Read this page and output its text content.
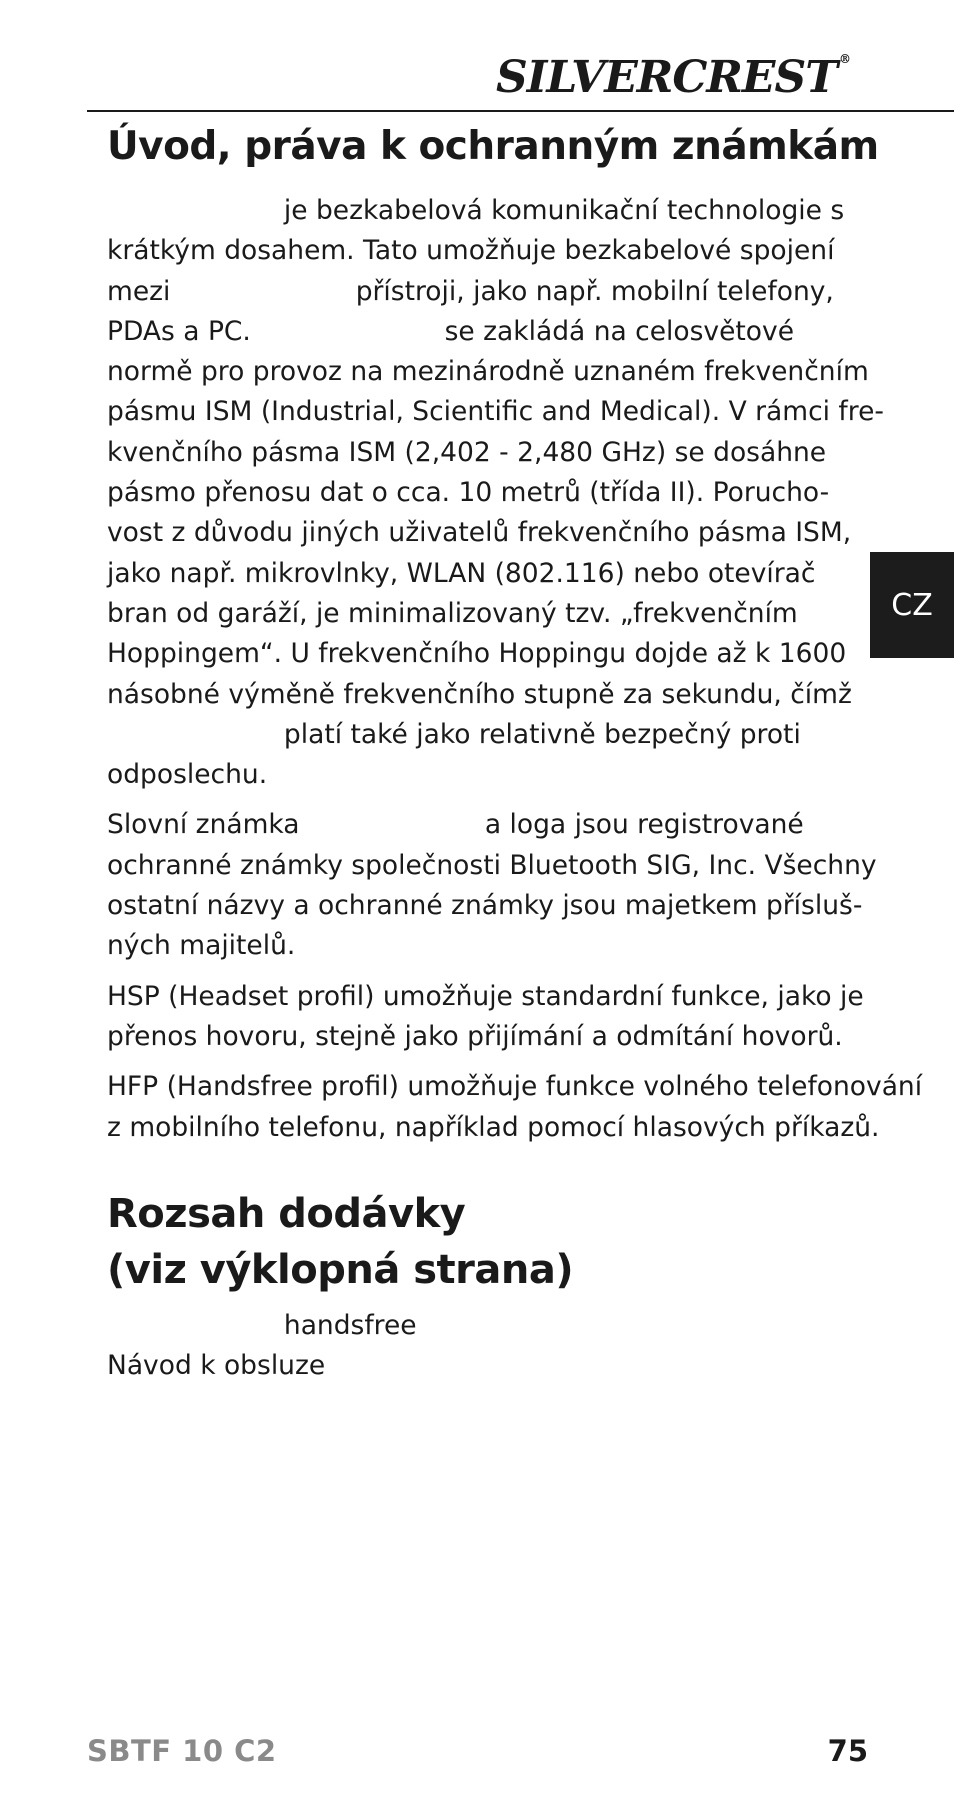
SILVERCREST ®
Úvod, práva k ochranným známkám
je bezkabelová komunikační technologie s
krátkým dosahem. Tato umožňuje bezkabelové spojení
mezi                      přístroji, jako např. mobilní telefony,
PDAs a PC.                       se zakládá na celosvětové
normě pro provoz na mezinárodně uznaném frekvenčním
pásmu ISM (Industrial, Scientific and Medical). V rámci fre-
kvenčního pásma ISM (2,402 - 2,480 GHz) se dosáhne
pásmo přenosu dat o cca. 10 metrů (třída II). Porucho-
vost z důvodu jiných uživatelů frekvenčního pásma ISM,
jako např. mikrovlnky, WLAN (802.116) nebo otevírač
bran od garáží, je minimalizovaný tzv. „frekvenčním
Hoppingem“. U frekvenčního Hoppingu dojde až k 1600
násobné výměně frekvenčního stupně za sekundu, čímž
platí také jako relativně bezpečný proti
odposlechu.
Slovní známka                      a loga jsou registrované
ochranné známky společnosti Bluetooth SIG, Inc. Všechny
ostatní názvy a ochranné známky jsou majetkem přísluš-
ných majitelů.
HSP (Headset profil) umožňuje standardní funkce, jako je
přenos hovoru, stejně jako přijímání a odmítání hovorů.
HFP (Handsfree profil) umožňuje funkce volného telefonování
z mobilního telefonu, například pomocí hlasových příkazů.
Rozsah dodávky
(viz výklopná strana)
handsfree
Návod k obsluze
CZ
SBTF 10 C2	75
